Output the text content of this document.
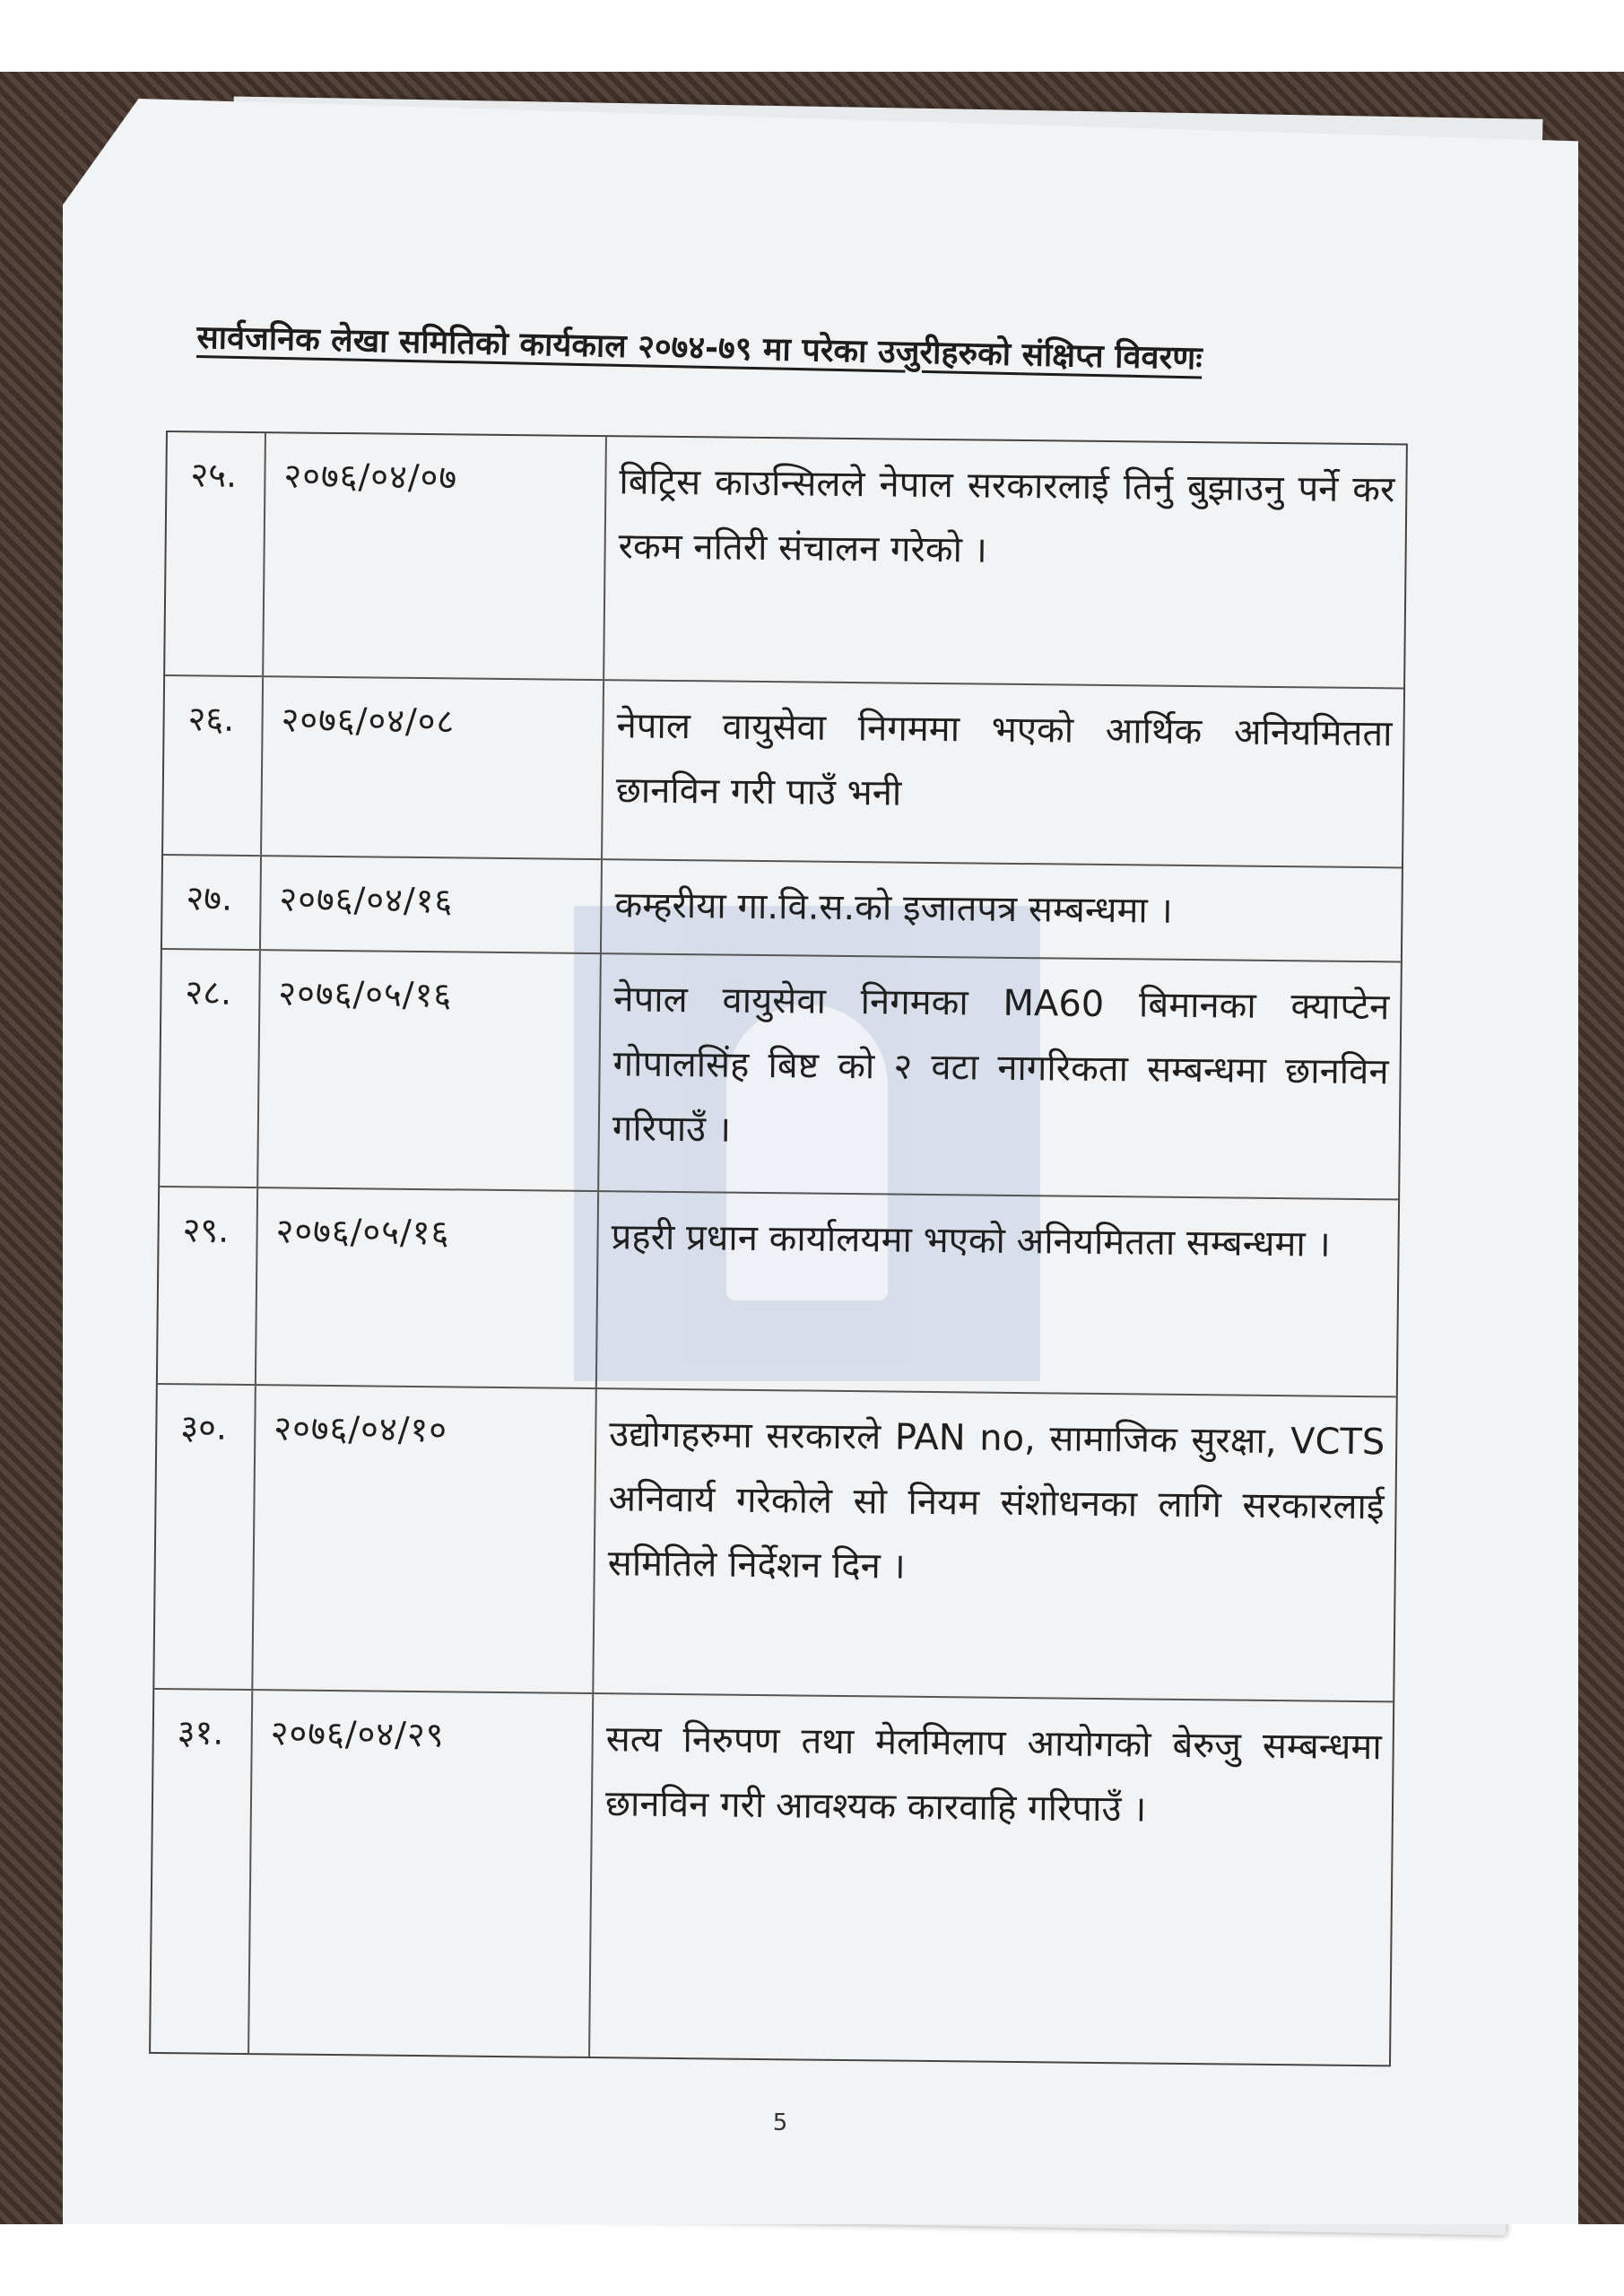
सार्वजनिक लेखा समितिको कार्यकाल २०७४-७९ मा परेका उजुरीहरुको संक्षिप्त विवरणः
२५.	२०७६/०४/०७	बिट्रिस काउन्सिलले नेपाल सरकारलाई तिर्नु बुझाउनु पर्ने कर रकम नतिरी संचालन गरेको ।
२६.	२०७६/०४/०८	नेपाल वायुसेवा निगममा भएको आर्थिक अनियमितता छानविन गरी पाउँ भनी
२७.	२०७६/०४/१६	कम्हरीया गा.वि.स.को इजातपत्र सम्बन्धमा ।
२८.	२०७६/०५/१६	नेपाल वायुसेवा निगमका MA60 बिमानका क्याप्टेन गोपालसिंह बिष्ट को २ वटा नागरिकता सम्बन्धमा छानविन गरिपाउँ ।
२९.	२०७६/०५/१६	प्रहरी प्रधान कार्यालयमा भएको अनियमितता सम्बन्धमा ।
३०.	२०७६/०४/१०	उद्योगहरुमा सरकारले PAN no, सामाजिक सुरक्षा, VCTS अनिवार्य गरेकोले सो नियम संशोधनका लागि सरकारलाई समितिले निर्देशन दिन ।
३१.	२०७६/०४/२९	सत्य निरुपण तथा मेलमिलाप आयोगको बेरुजु सम्बन्धमा छानविन गरी आवश्यक कारवाहि गरिपाउँ ।
5
